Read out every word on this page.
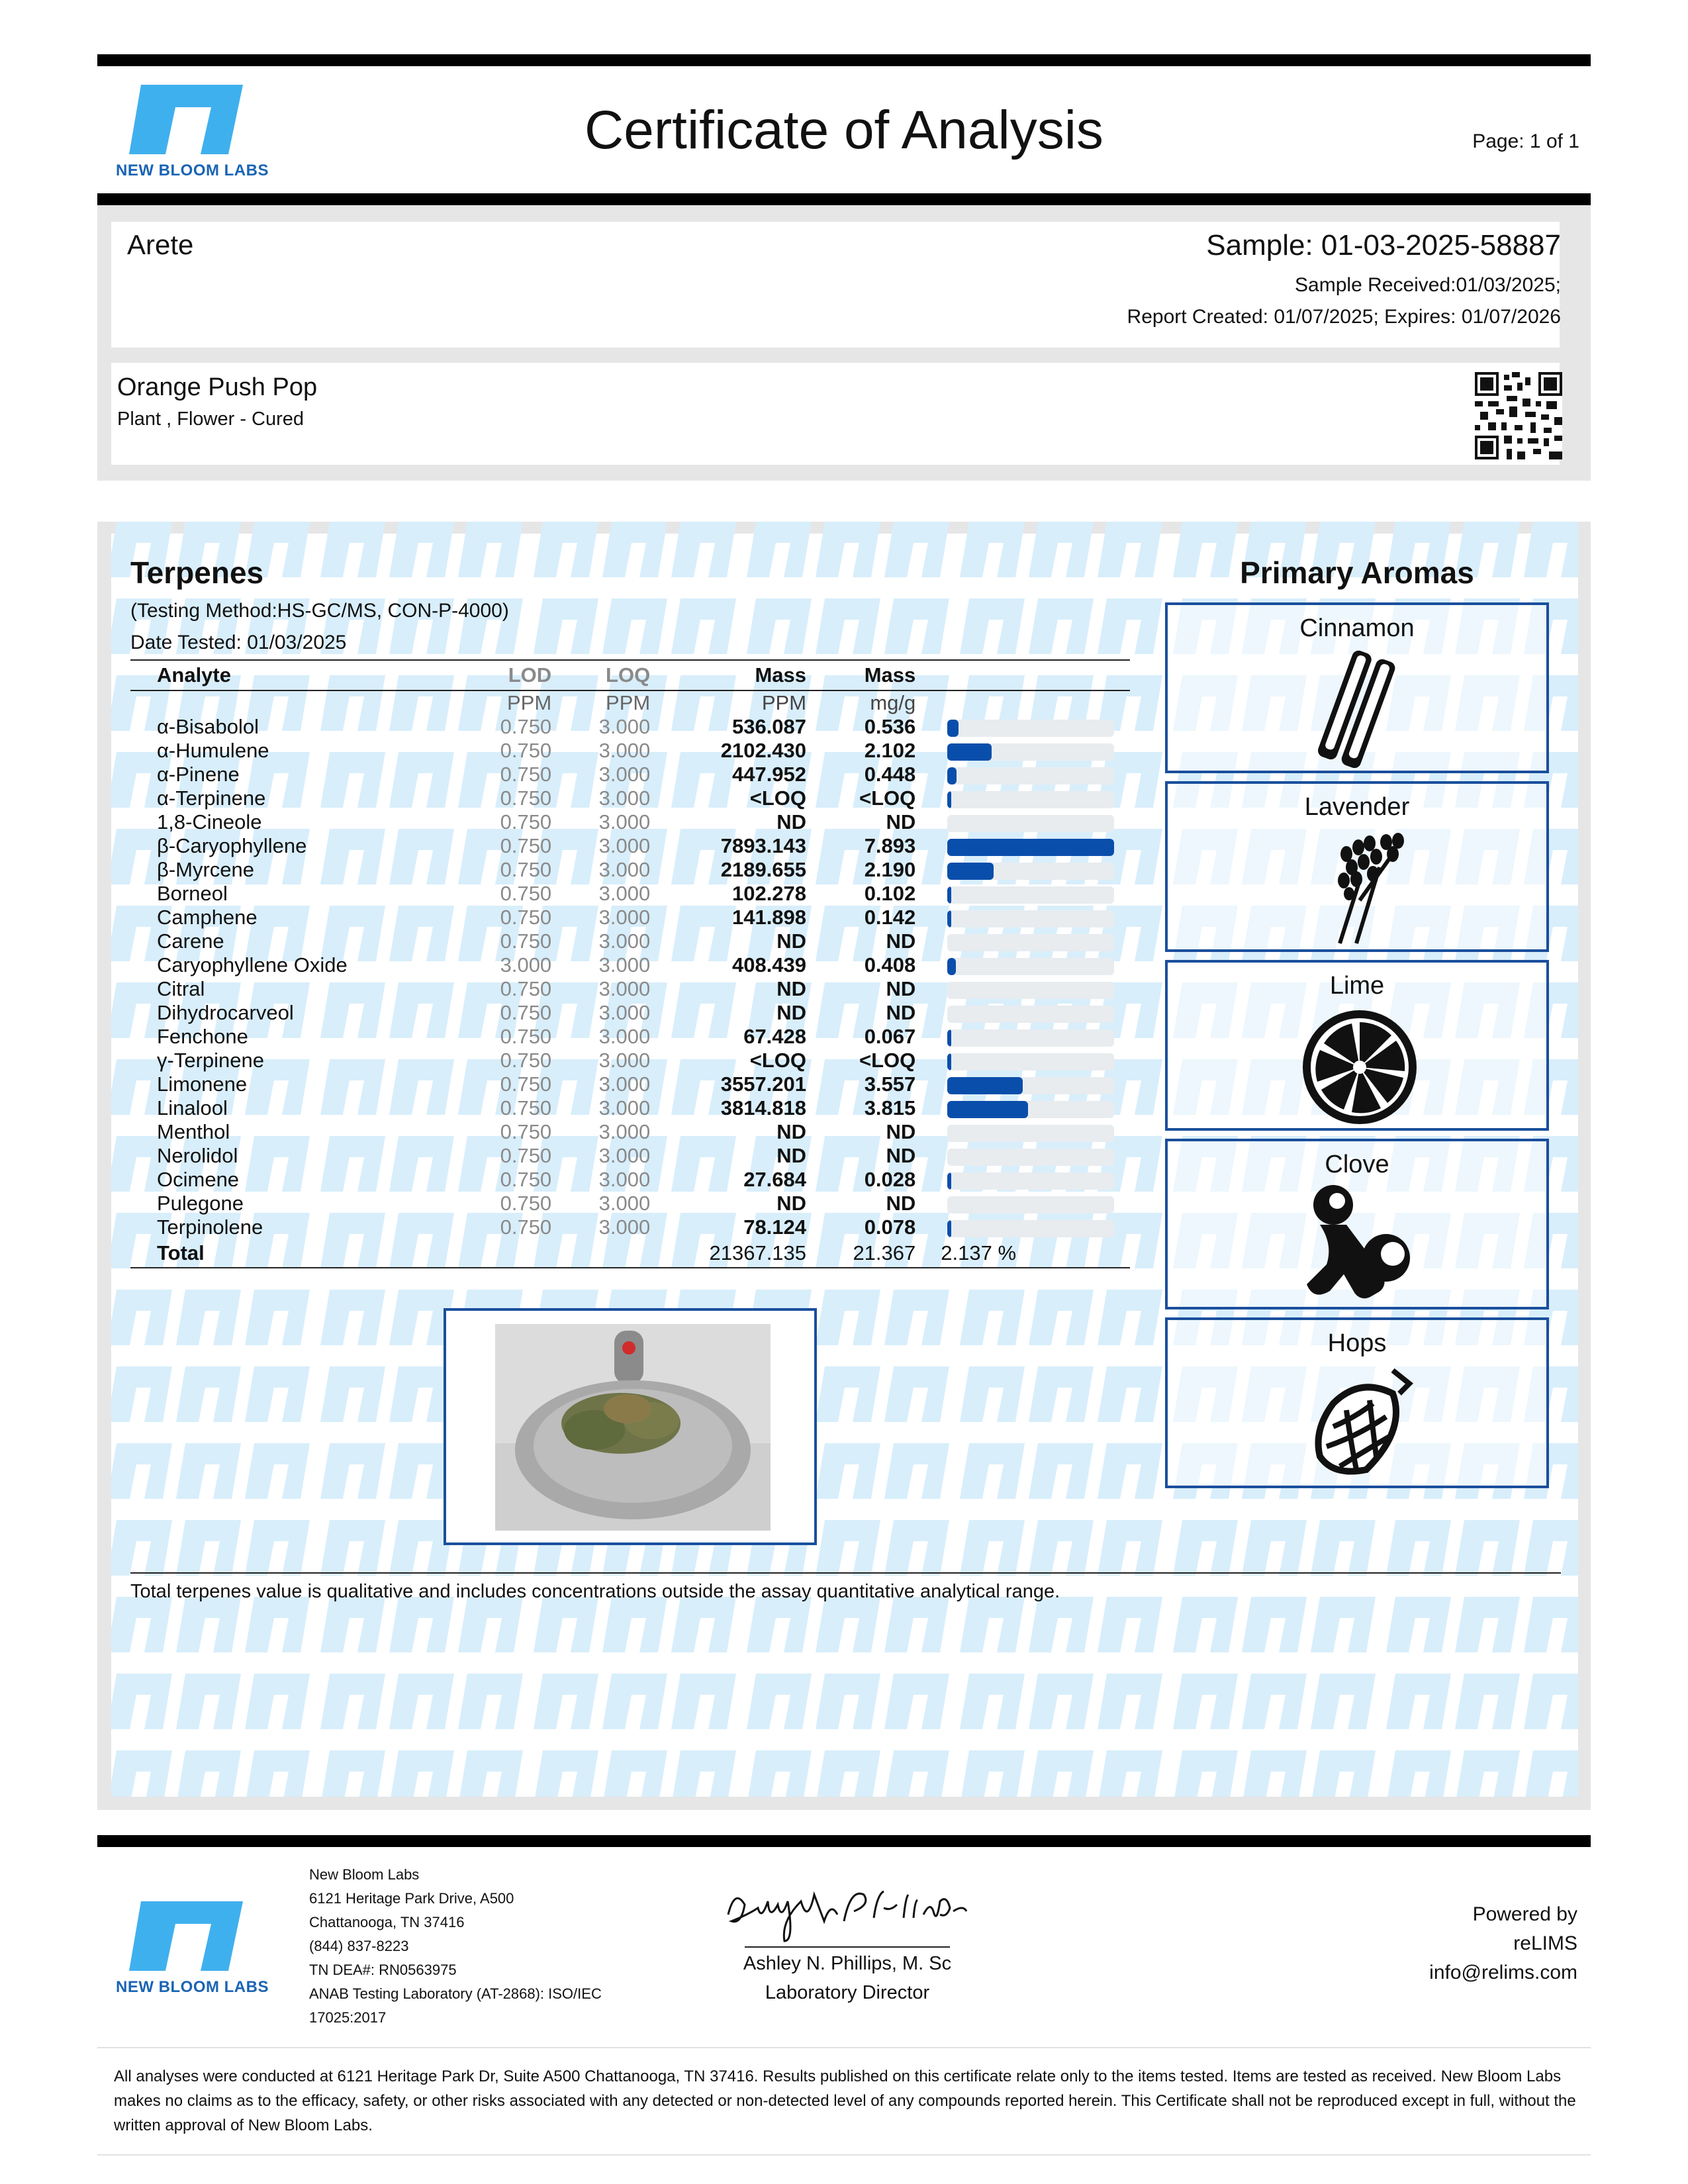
NEW BLOOM LABS
Certificate of Analysis	Page: 1 of 1
Arete	Sample: 01-03-2025-58887
Sample Received:01/03/2025;
Report Created: 01/07/2025; Expires: 01/07/2026
Orange Push Pop
Plant , Flower - Cured
Terpenes
(Testing Method:HS-GC/MS, CON-P-4000)
Date Tested: 01/03/2025
Analyte	LOD	LOQ	Mass	Mass	
	PPM	PPM	PPM	mg/g	
α-Bisabolol	0.750	3.000	536.087	0.536	

α-Humulene	0.750	3.000	2102.430	2.102	

α-Pinene	0.750	3.000	447.952	0.448	

α-Terpinene	0.750	3.000	<LOQ	<LOQ	

1,8-Cineole	0.750	3.000	ND	ND	

β-Caryophyllene	0.750	3.000	7893.143	7.893	

β-Myrcene	0.750	3.000	2189.655	2.190	

Borneol	0.750	3.000	102.278	0.102	

Camphene	0.750	3.000	141.898	0.142	

Carene	0.750	3.000	ND	ND	

Caryophyllene Oxide	3.000	3.000	408.439	0.408	

Citral	0.750	3.000	ND	ND	

Dihydrocarveol	0.750	3.000	ND	ND	

Fenchone	0.750	3.000	67.428	0.067	

γ-Terpinene	0.750	3.000	<LOQ	<LOQ	

Limonene	0.750	3.000	3557.201	3.557	

Linalool	0.750	3.000	3814.818	3.815	

Menthol	0.750	3.000	ND	ND	

Nerolidol	0.750	3.000	ND	ND	

Ocimene	0.750	3.000	27.684	0.028	

Pulegone	0.750	3.000	ND	ND	

Terpinolene	0.750	3.000	78.124	0.078	

Total			21367.135	21.367	2.137 %
Total terpenes value is qualitative and includes concentrations outside the assay quantitative analytical range.
Primary Aromas
Cinnamon
Lavender
Lime
Clove
Hops
NEW BLOOM LABS
New Bloom Labs
6121 Heritage Park Drive, A500
Chattanooga, TN 37416
(844) 837-8223
TN DEA#: RN0563975
ANAB Testing Laboratory (AT-2868): ISO/IEC
17025:2017
Ashley N. Phillips, M. Sc
Laboratory Director
Powered by
reLIMS
info@relims.com
All analyses were conducted at 6121 Heritage Park Dr, Suite A500 Chattanooga, TN 37416. Results published on this certificate relate only to the items tested. Items are tested as received. New Bloom Labs makes no claims as to the efficacy, safety, or other risks associated with any detected or non-detected level of any compounds reported herein. This Certificate shall not be reproduced except in full, without the written approval of New Bloom Labs.
